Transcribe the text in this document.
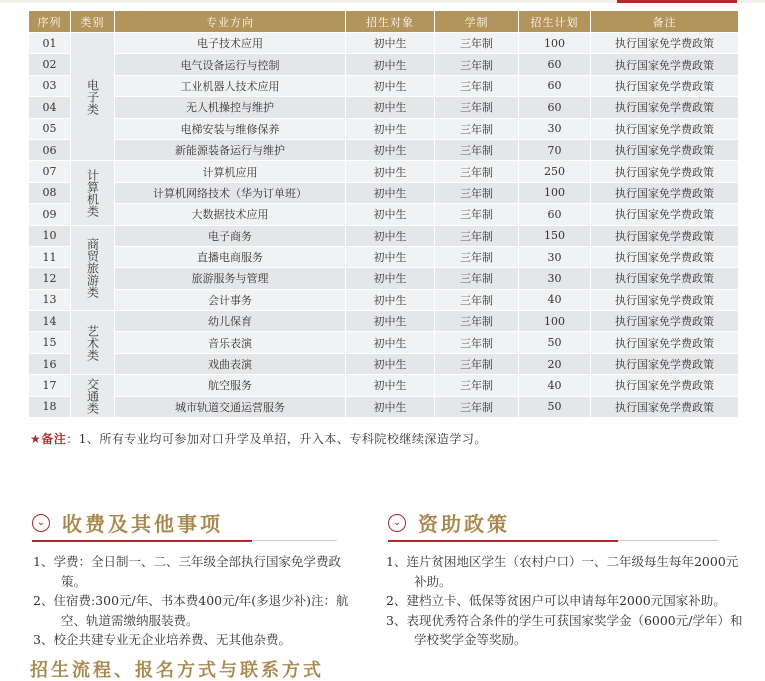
序列	类别	专业方向	招生对象	学制	招生计划	备注
01	电子类	电子技术应用	初中生	三年制	100	执行国家免学费政策
02		电气设备运行与控制	初中生	三年制	60	执行国家免学费政策
03		工业机器人技术应用	初中生	三年制	60	执行国家免学费政策
04		无人机操控与维护	初中生	三年制	60	执行国家免学费政策
05		电梯安装与维修保养	初中生	三年制	30	执行国家免学费政策
06		新能源装备运行与维护	初中生	三年制	70	执行国家免学费政策
07	计算机类	计算机应用	初中生	三年制	250	执行国家免学费政策
08		计算机网络技术（华为订单班）	初中生	三年制	100	执行国家免学费政策
09		大数据技术应用	初中生	三年制	60	执行国家免学费政策
10	商贸旅游类	电子商务	初中生	三年制	150	执行国家免学费政策
11		直播电商服务	初中生	三年制	30	执行国家免学费政策
12		旅游服务与管理	初中生	三年制	30	执行国家免学费政策
13		会计事务	初中生	三年制	40	执行国家免学费政策
14	艺术类	幼儿保育	初中生	三年制	100	执行国家免学费政策
15		音乐表演	初中生	三年制	50	执行国家免学费政策
16		戏曲表演	初中生	三年制	20	执行国家免学费政策
17	交通类	航空服务	初中生	三年制	40	执行国家免学费政策
18		城市轨道交通运营服务	初中生	三年制	50	执行国家免学费政策
★备注：1、所有专业均可参加对口升学及单招，升入本、专科院校继续深造学习。
⌄ 收费及其他事项
1、学费：全日制一、二、三年级全部执行国家免学费政策。
2、住宿费:300元/年、书本费400元/年(多退少补)注：航空、轨道需缴纳服装费。
3、校企共建专业无企业培养费、无其他杂费。
⌄ 资助政策
1、连片贫困地区学生（农村户口）一、二年级每生每年2000元补助。
2、建档立卡、低保等贫困户可以申请每年2000元国家补助。
3、表现优秀符合条件的学生可获国家奖学金（6000元/学年）和学校奖学金等奖励。
招生流程、报名方式与联系方式
